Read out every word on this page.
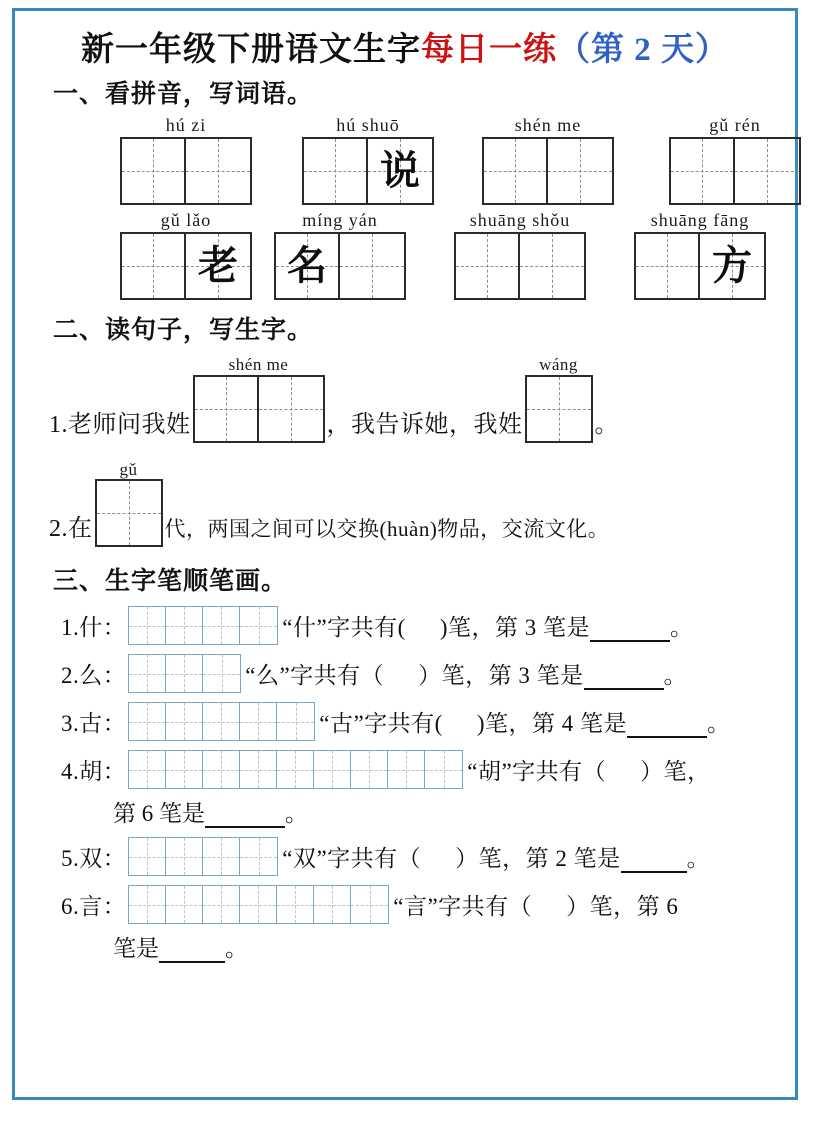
新一年级下册语文生字每日一练（第 2 天）
一、看拼音，写词语。
hú zi	hú shuō
说
shén me	gǔ rén
gǔ lǎo
老
míng yán
名
shuāng shǒu	shuāng fāng
方
二、读句子，写生字。
1. 老师问我姓
shén me
，我告诉她，我姓
wáng
。
2. 在
gǔ
代，两国之间可以交换(huàn)物品，交流文化。
三、生字笔顺笔画。
1.什：	“什”字共有( )笔，第 3 笔是	。
2.么：	“么”字共有（ ）笔，第 3 笔是	。
3.古：	“古”字共有( )笔，第 4 笔是	。
4.胡：	“胡”字共有（ ）笔，
第 6 笔是	。
5.双：	“双”字共有（ ）笔，第 2 笔是	。
6.言：	“言”字共有（ ）笔，第 6
笔是	。
